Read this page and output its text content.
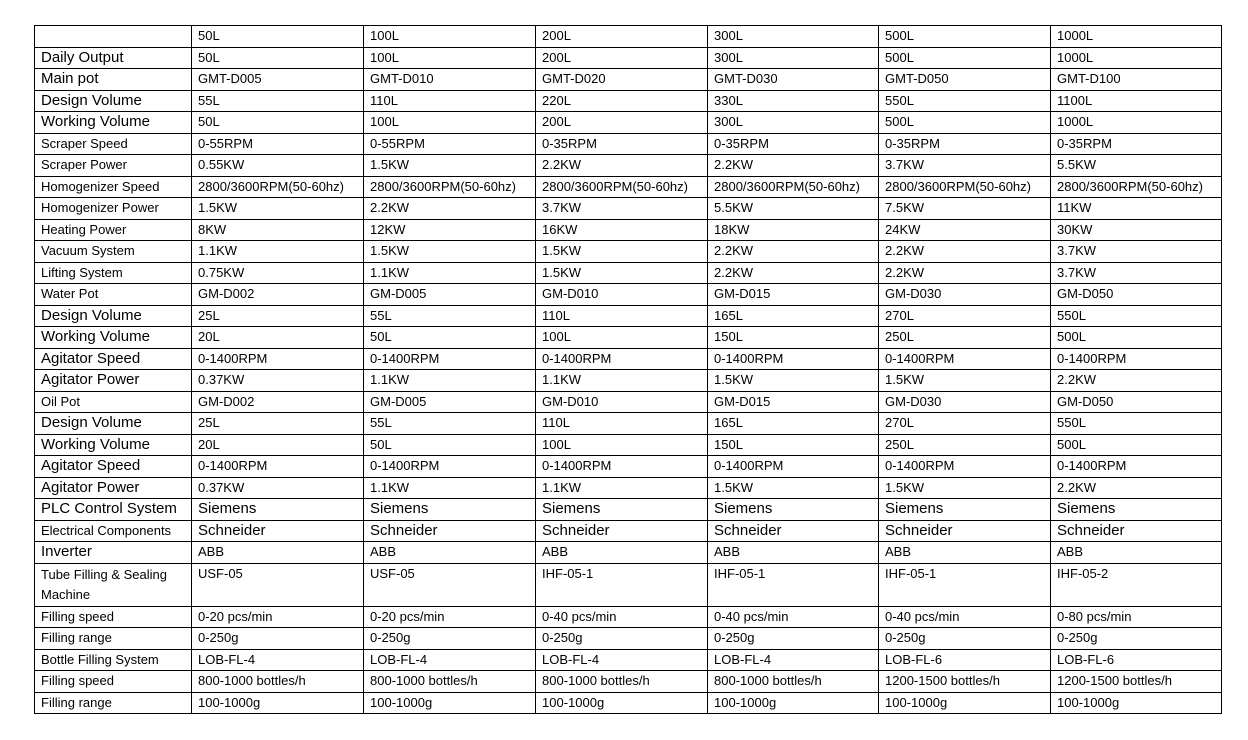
	50L	100L	200L	300L	500L	1000L
Daily Output	50L	100L	200L	300L	500L	1000L
Main pot	GMT-D005	GMT-D010	GMT-D020	GMT-D030	GMT-D050	GMT-D100
Design Volume	55L	110L	220L	330L	550L	1100L
Working Volume	50L	100L	200L	300L	500L	1000L
Scraper Speed	0-55RPM	0-55RPM	0-35RPM	0-35RPM	0-35RPM	0-35RPM
Scraper Power	0.55KW	1.5KW	2.2KW	2.2KW	3.7KW	5.5KW
Homogenizer Speed	2800/3600RPM(50-60hz)	2800/3600RPM(50-60hz)	2800/3600RPM(50-60hz)	2800/3600RPM(50-60hz)	2800/3600RPM(50-60hz)	2800/3600RPM(50-60hz)
Homogenizer Power	1.5KW	2.2KW	3.7KW	5.5KW	7.5KW	11KW
Heating Power	8KW	12KW	16KW	18KW	24KW	30KW
Vacuum System	1.1KW	1.5KW	1.5KW	2.2KW	2.2KW	3.7KW
Lifting System	0.75KW	1.1KW	1.5KW	2.2KW	2.2KW	3.7KW
Water Pot	GM-D002	GM-D005	GM-D010	GM-D015	GM-D030	GM-D050
Design Volume	25L	55L	110L	165L	270L	550L
Working Volume	20L	50L	100L	150L	250L	500L
Agitator Speed	0-1400RPM	0-1400RPM	0-1400RPM	0-1400RPM	0-1400RPM	0-1400RPM
Agitator Power	0.37KW	1.1KW	1.1KW	1.5KW	1.5KW	2.2KW
Oil Pot	GM-D002	GM-D005	GM-D010	GM-D015	GM-D030	GM-D050
Design Volume	25L	55L	110L	165L	270L	550L
Working Volume	20L	50L	100L	150L	250L	500L
Agitator Speed	0-1400RPM	0-1400RPM	0-1400RPM	0-1400RPM	0-1400RPM	0-1400RPM
Agitator Power	0.37KW	1.1KW	1.1KW	1.5KW	1.5KW	2.2KW
PLC Control System	Siemens	Siemens	Siemens	Siemens	Siemens	Siemens
Electrical Components	Schneider	Schneider	Schneider	Schneider	Schneider	Schneider
Inverter	ABB	ABB	ABB	ABB	ABB	ABB
Tube Filling & Sealing Machine	USF-05	USF-05	IHF-05-1	IHF-05-1	IHF-05-1	IHF-05-2
Filling speed	0-20 pcs/min	0-20 pcs/min	0-40 pcs/min	0-40 pcs/min	0-40 pcs/min	0-80 pcs/min
Filling range	0-250g	0-250g	0-250g	0-250g	0-250g	0-250g
Bottle Filling System	LOB-FL-4	LOB-FL-4	LOB-FL-4	LOB-FL-4	LOB-FL-6	LOB-FL-6
Filling speed	800-1000 bottles/h	800-1000 bottles/h	800-1000 bottles/h	800-1000 bottles/h	1200-1500 bottles/h	1200-1500 bottles/h
Filling range	100-1000g	100-1000g	100-1000g	100-1000g	100-1000g	100-1000g
